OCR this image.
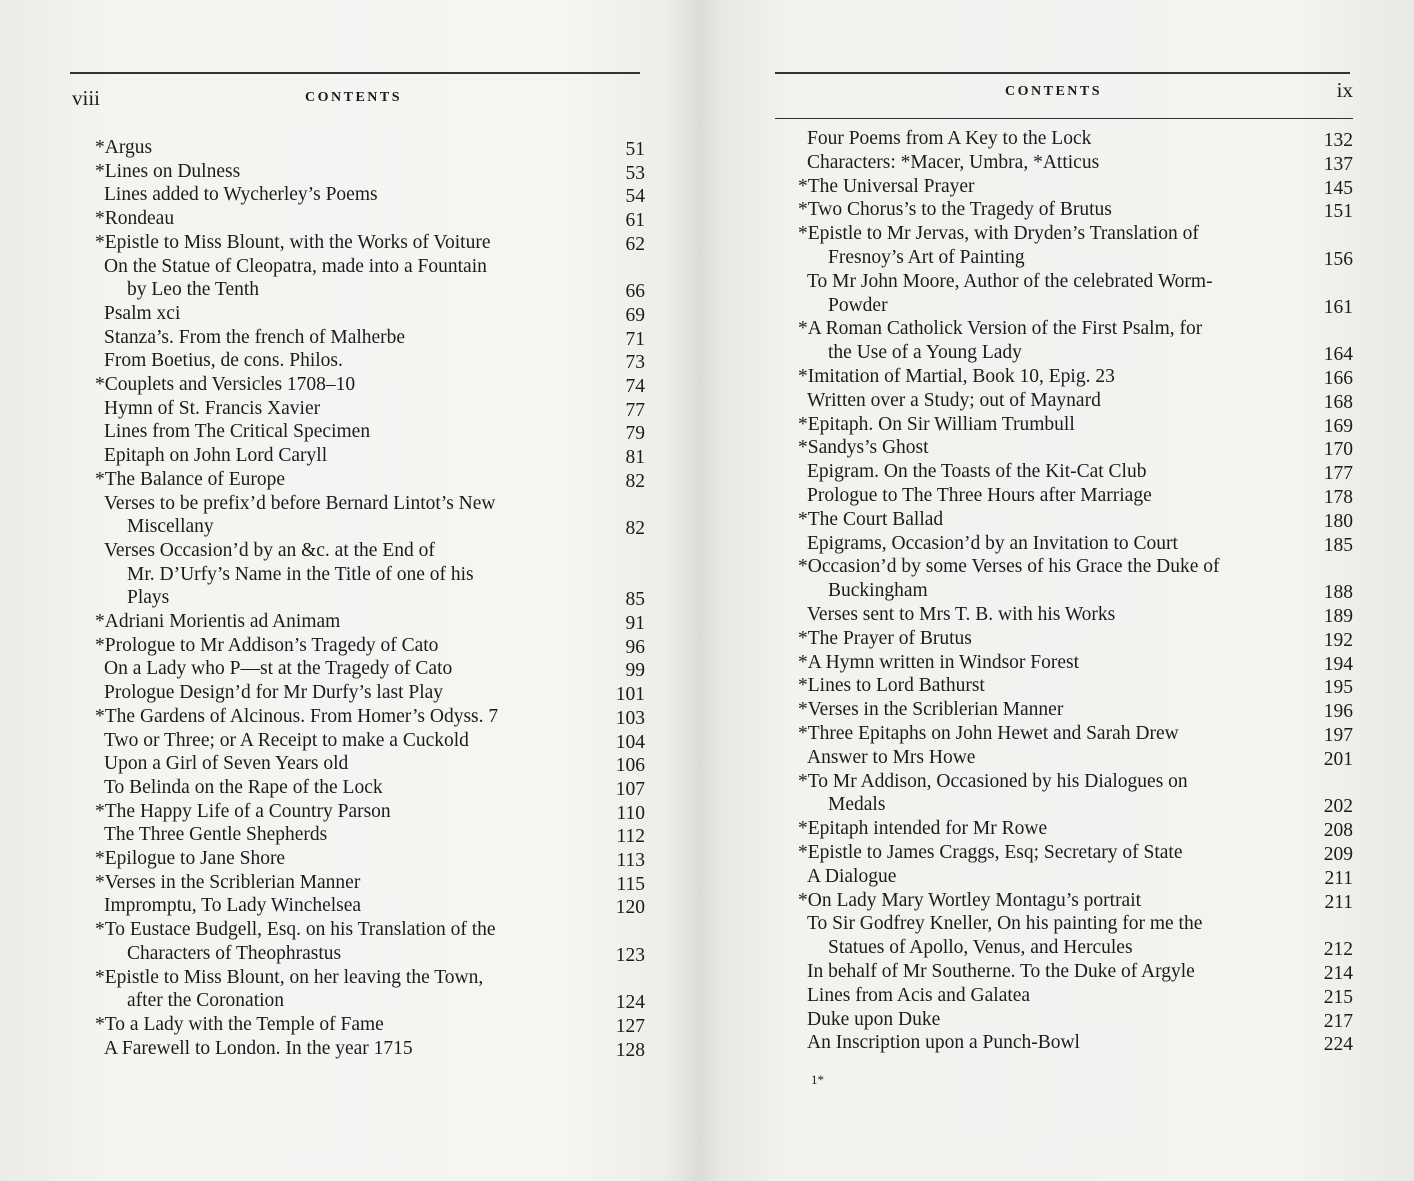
viii	CONTENTS
*Argus	51
*Lines on Dulness	53
Lines added to Wycherley’s Poems	54
*Rondeau	61
*Epistle to Miss Blount, with the Works of Voiture	62
On the Statue of Cleopatra, made into a Fountain
by Leo the Tenth	66
Psalm xci	69
Stanza’s. From the french of Malherbe	71
From Boetius, de cons. Philos.	73
*Couplets and Versicles 1708–10	74
Hymn of St. Francis Xavier	77
Lines from The Critical Specimen	79
Epitaph on John Lord Caryll	81
*The Balance of Europe	82
Verses to be prefix’d before Bernard Lintot’s New
Miscellany	82
Verses Occasion’d by an &c. at the End of
Mr. D’Urfy’s Name in the Title of one of his
Plays	85
*Adriani Morientis ad Animam	91
*Prologue to Mr Addison’s Tragedy of Cato	96
On a Lady who P—st at the Tragedy of Cato	99
Prologue Design’d for Mr Durfy’s last Play	101
*The Gardens of Alcinous. From Homer’s Odyss. 7	103
Two or Three; or A Receipt to make a Cuckold	104
Upon a Girl of Seven Years old	106
To Belinda on the Rape of the Lock	107
*The Happy Life of a Country Parson	110
The Three Gentle Shepherds	112
*Epilogue to Jane Shore	113
*Verses in the Scriblerian Manner	115
Impromptu, To Lady Winchelsea	120
*To Eustace Budgell, Esq. on his Translation of the
Characters of Theophrastus	123
*Epistle to Miss Blount, on her leaving the Town,
after the Coronation	124
*To a Lady with the Temple of Fame	127
A Farewell to London. In the year 1715	128
CONTENTS	ix
Four Poems from A Key to the Lock	132
Characters: *Macer, Umbra, *Atticus	137
*The Universal Prayer	145
*Two Chorus’s to the Tragedy of Brutus	151
*Epistle to Mr Jervas, with Dryden’s Translation of
Fresnoy’s Art of Painting	156
To Mr John Moore, Author of the celebrated Worm-
Powder	161
*A Roman Catholick Version of the First Psalm, for
the Use of a Young Lady	164
*Imitation of Martial, Book 10, Epig. 23	166
Written over a Study; out of Maynard	168
*Epitaph. On Sir William Trumbull	169
*Sandys’s Ghost	170
Epigram. On the Toasts of the Kit-Cat Club	177
Prologue to The Three Hours after Marriage	178
*The Court Ballad	180
Epigrams, Occasion’d by an Invitation to Court	185
*Occasion’d by some Verses of his Grace the Duke of
Buckingham	188
Verses sent to Mrs T. B. with his Works	189
*The Prayer of Brutus	192
*A Hymn written in Windsor Forest	194
*Lines to Lord Bathurst	195
*Verses in the Scriblerian Manner	196
*Three Epitaphs on John Hewet and Sarah Drew	197
Answer to Mrs Howe	201
*To Mr Addison, Occasioned by his Dialogues on
Medals	202
*Epitaph intended for Mr Rowe	208
*Epistle to James Craggs, Esq; Secretary of State	209
A Dialogue	211
*On Lady Mary Wortley Montagu’s portrait	211
To Sir Godfrey Kneller, On his painting for me the
Statues of Apollo, Venus, and Hercules	212
In behalf of Mr Southerne. To the Duke of Argyle	214
Lines from Acis and Galatea	215
Duke upon Duke	217
An Inscription upon a Punch-Bowl	224
1*
